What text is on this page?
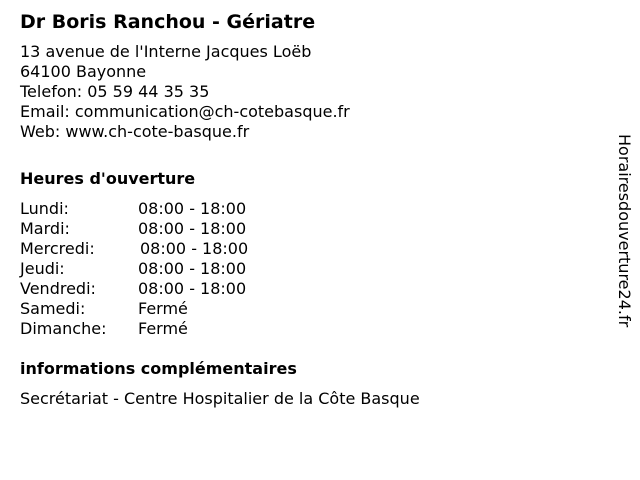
Dr Boris Ranchou - Gériatre
13 avenue de l'Interne Jacques Loëb
64100 Bayonne
Telefon: 05 59 44 35 35
Email: communication@ch-cotebasque.fr
Web: www.ch-cote-basque.fr
Heures d'ouverture
Lundi:	08:00 - 18:00
Mardi:	08:00 - 18:00
Mercredi:	08:00 - 18:00
Jeudi:	08:00 - 18:00
Vendredi:	08:00 - 18:00
Samedi:	Fermé
Dimanche: Fermé
informations complémentaires
Secrétariat - Centre Hospitalier de la Côte Basque
Horairesdouverture24.fr
